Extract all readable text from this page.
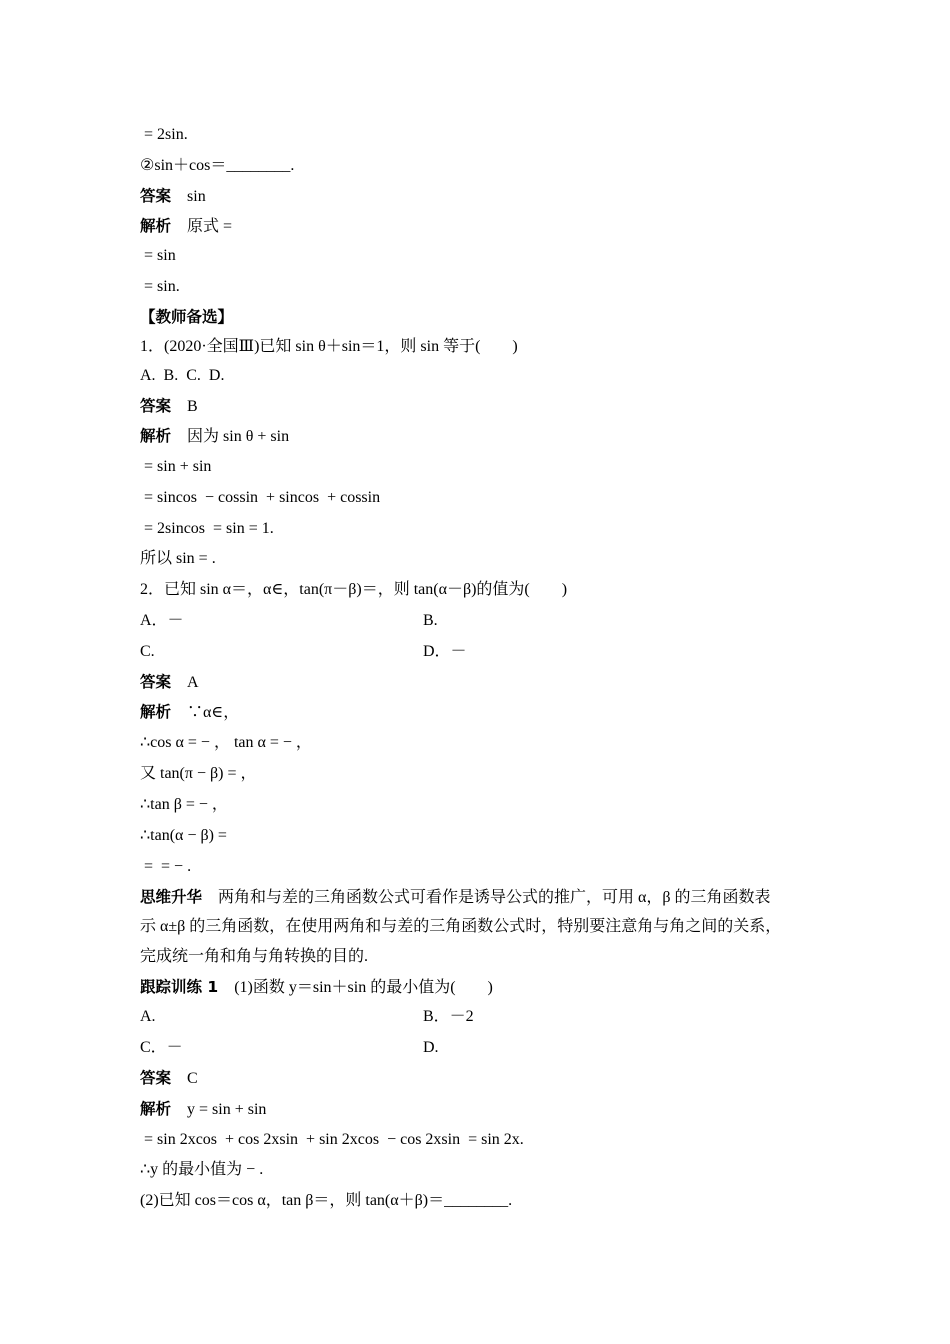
= 2sin.
②sin＋cos＝________.
答案　 sin
解析　 原式 =
= sin
= sin.
【教师备选】
1．(2020·全国Ⅲ)已知 sin θ＋sin＝1，则 sin 等于(　　)
A.  B.  C.  D.
答案　 B
解析　 因为 sin θ + sin
= sin + sin
= sincos  − cossin  + sincos  + cossin
= 2sincos  = sin = 1.
所以 sin = .
2．已知 sin α＝，α∈，tan(π－β)＝，则 tan(α－β)的值为(　　)
A．－	B.
C.	D．－
答案　 A
解析　 ∵α∈，
∴cos α = − ， tan α = − ，
又 tan(π − β) = ，
∴tan β = − ，
∴tan(α − β) =
=  = − .
思维升华　 两角和与差的三角函数公式可看作是诱导公式的推广，可用 α，β 的三角函数表
示 α±β 的三角函数，在使用两角和与差的三角函数公式时，特别要注意角与角之间的关系，
完成统一角和角与角转换的目的.
跟踪训练 1　 (1)函数 y＝sin＋sin 的最小值为(　　)
A.	B．－2
C．－	D.
答案　 C
解析　 y = sin + sin
= sin 2xcos  + cos 2xsin  + sin 2xcos  − cos 2xsin  = sin 2x.
∴y 的最小值为 − .
(2)已知 cos＝cos α，tan β＝，则 tan(α＋β)＝________.
